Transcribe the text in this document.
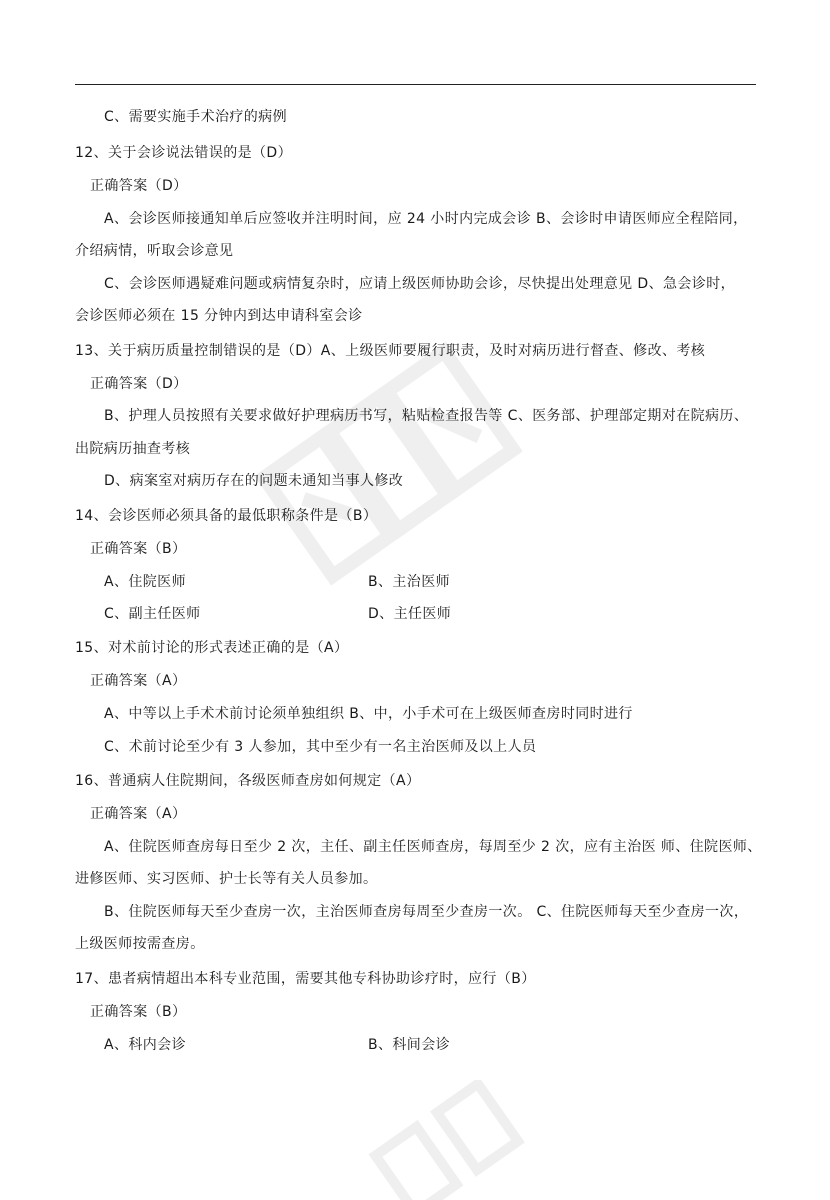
C、需要实施手术治疗的病例
12、关于会诊说法错误的是（D）
正确答案（D）
A、会诊医师接通知单后应签收并注明时间，应 24 小时内完成会诊 B、会诊时申请医师应全程陪同，
介绍病情，听取会诊意见
C、会诊医师遇疑难问题或病情复杂时，应请上级医师协助会诊，尽快提出处理意见 D、急会诊时，
会诊医师必须在 15 分钟内到达申请科室会诊
13、关于病历质量控制错误的是（D）A、上级医师要履行职责，及时对病历进行督查、修改、考核
正确答案（D）
B、护理人员按照有关要求做好护理病历书写，粘贴检查报告等 C、医务部、护理部定期对在院病历、
出院病历抽查考核
D、病案室对病历存在的问题未通知当事人修改
14、会诊医师必须具备的最低职称条件是（B）
正确答案（B）
A、住院医师	B、主治医师
C、副主任医师	D、主任医师
15、对术前讨论的形式表述正确的是（A）
正确答案（A）
A、中等以上手术术前讨论须单独组织 B、中，小手术可在上级医师查房时同时进行
C、术前讨论至少有 3 人参加，其中至少有一名主治医师及以上人员
16、普通病人住院期间，各级医师查房如何规定（A）
正确答案（A）
A、住院医师查房每日至少 2 次，主任、副主任医师查房，每周至少 2 次，应有主治医 师、住院医师、
进修医师、实习医师、护士长等有关人员参加。
B、住院医师每天至少查房一次，主治医师查房每周至少查房一次。 C、住院医师每天至少查房一次，
上级医师按需查房。
17、患者病情超出本科专业范围，需要其他专科协助诊疗时，应行（B）
正确答案（B）
A、科内会诊	B、科间会诊
